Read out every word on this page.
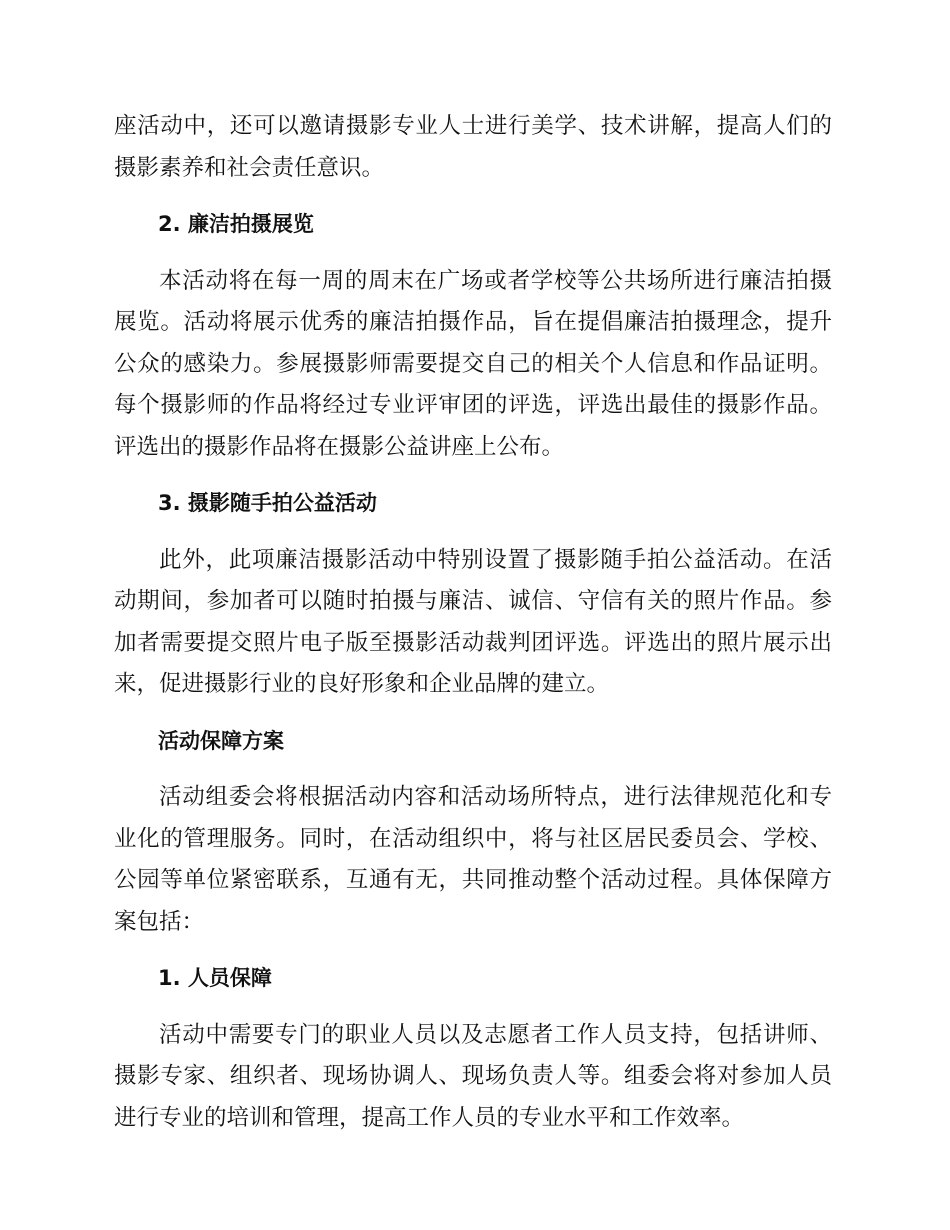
座活动中，还可以邀请摄影专业人士进行美学、技术讲解，提高人们的摄影素养和社会责任意识。

2. 廉洁拍摄展览

本活动将在每一周的周末在广场或者学校等公共场所进行廉洁拍摄展览。活动将展示优秀的廉洁拍摄作品，旨在提倡廉洁拍摄理念，提升公众的感染力。参展摄影师需要提交自己的相关个人信息和作品证明。每个摄影师的作品将经过专业评审团的评选，评选出最佳的摄影作品。评选出的摄影作品将在摄影公益讲座上公布。

3. 摄影随手拍公益活动

此外，此项廉洁摄影活动中特别设置了摄影随手拍公益活动。在活动期间，参加者可以随时拍摄与廉洁、诚信、守信有关的照片作品。参加者需要提交照片电子版至摄影活动裁判团评选。评选出的照片展示出来，促进摄影行业的良好形象和企业品牌的建立。

活动保障方案

活动组委会将根据活动内容和活动场所特点，进行法律规范化和专业化的管理服务。同时，在活动组织中，将与社区居民委员会、学校、公园等单位紧密联系，互通有无，共同推动整个活动过程。具体保障方案包括：

1. 人员保障

活动中需要专门的职业人员以及志愿者工作人员支持，包括讲师、摄影专家、组织者、现场协调人、现场负责人等。组委会将对参加人员进行专业的培训和管理，提高工作人员的专业水平和工作效率。
